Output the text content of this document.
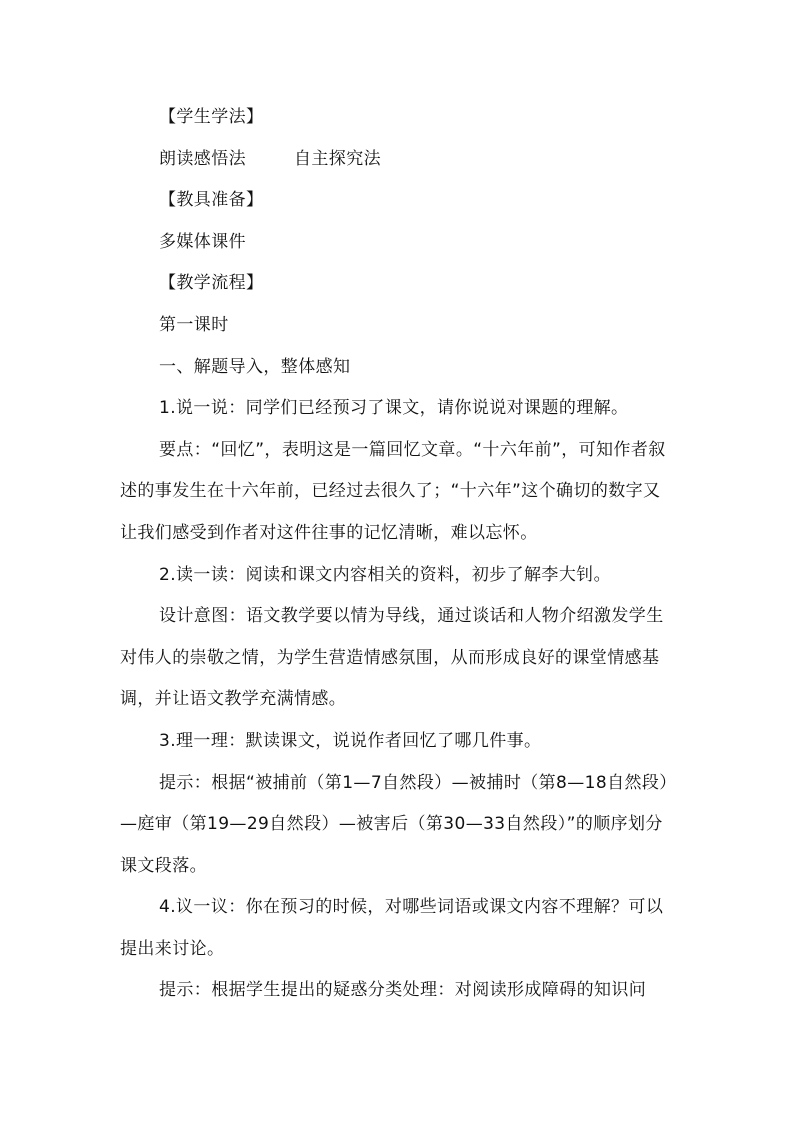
【学生学法】

朗读感悟法	自主探究法

【教具准备】

多媒体课件

【教学流程】

第一课时

一、解题导入，整体感知

1.说一说：同学们已经预习了课文，请你说说对课题的理解。

要点：“回忆”，表明这是一篇回忆文章。“十六年前”，可知作者叙述的事发生在十六年前，已经过去很久了；“十六年”这个确切的数字又让我们感受到作者对这件往事的记忆清晰，难以忘怀。

2.读一读：阅读和课文内容相关的资料，初步了解李大钊。

设计意图：语文教学要以情为导线，通过谈话和人物介绍激发学生对伟人的崇敬之情，为学生营造情感氛围，从而形成良好的课堂情感基调，并让语文教学充满情感。

3.理一理：默读课文，说说作者回忆了哪几件事。

提示：根据“被捕前（第1—7自然段）—被捕时（第8—18自然段）—庭审（第19—29自然段）—被害后（第30—33自然段）”的顺序划分课文段落。

4.议一议：你在预习的时候，对哪些词语或课文内容不理解？可以提出来讨论。

提示：根据学生提出的疑惑分类处理：对阅读形成障碍的知识问
